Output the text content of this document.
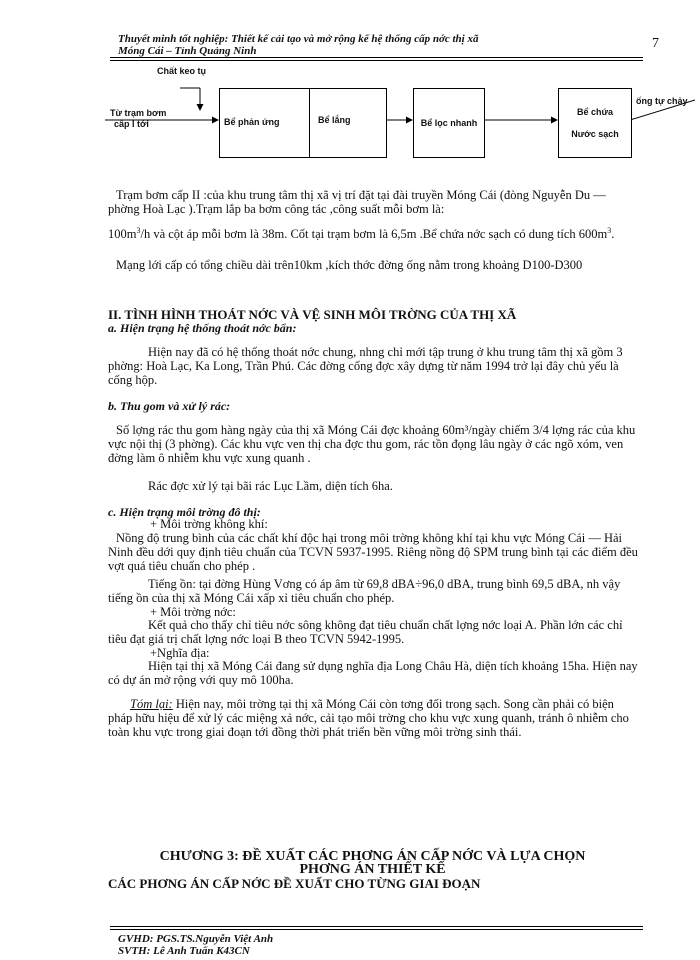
Thuyết minh tốt nghiệp: Thiết kế cải tạo và mở rộng kế hệ thống cấp nớc thị xã
Móng Cái – Tỉnh Quảng Ninh	7
Chất keo tụ
Từ trạm bơm
cấp I tới	Bể phản ứng	Bể lắng	Bể lọc nhanh
Bể chứa
Nước sạch
ống tự chảy
Trạm bơm cấp II :của khu trung tâm thị xã vị trí đặt tại đài truyền Móng Cái (đòng Nguyễn Du — phờng Hoà Lạc ).Trạm lắp ba bơm công tác ,công suất mỗi bơm là:
$100m^3/h$ và cột áp mỗi bơm là 38m. Cốt tại trạm bơm là 6,5m .Bể chứa nớc sạch có dung tích $600m^3$.
Mạng lới cấp có tổng chiều dài trên10km ,kích thớc đờng ống nằm trong khoảng D100-D300
II. TÌNH HÌNH THOÁT NỚC VÀ VỆ SINH MÔI TRỜNG CỦA THỊ XÃ
a. Hiện trạng hệ thống thoát nớc bẩn:
Hiện nay đã có hệ thống thoát nớc chung, nhng chỉ mới tập trung ở khu trung tâm thị xã gồm 3 phờng: Hoà Lạc, Ka Long, Trần Phú. Các đờng cống đợc xây dựng từ năm 1994 trở lại đây chủ yếu là cống hộp.
b. Thu gom và xử lý rác:
Số lợng rác thu gom hàng ngày của thị xã Móng Cái đợc khoảng 60m³/ngày chiếm 3/4 lợng rác của khu vực nội thị (3 phờng). Các khu vực ven thị cha đợc thu gom, rác tồn đọng lâu ngày ở các ngõ xóm, ven đờng làm ô nhiễm khu vực xung quanh .
Rác đợc xử lý tại bãi rác Lục Lầm, diện tích 6ha.
c. Hiện trạng môi trờng đô thị:
+ Môi trờng không khí:
Nồng độ trung bình của các chất khí độc hại trong môi trờng không khí tại khu vực Móng Cái — Hải Ninh đều dới quy định tiêu chuẩn của TCVN 5937-1995. Riêng nồng độ SPM trung bình tại các điểm đều vợt quá tiêu chuẩn cho phép .
Tiếng ồn: tại đờng Hùng Vơng có áp âm từ 69,8 dBA÷96,0 dBA, trung bình 69,5 dBA, nh vậy tiếng ồn của thị xã Móng Cái xấp xỉ tiêu chuẩn cho phép.
+ Môi trờng nớc:
Kết quả cho thấy chỉ tiêu nớc sông không đạt tiêu chuẩn chất lợng nớc loại A. Phần lớn các chỉ tiêu đạt giá trị chất lợng nớc loại B theo TCVN 5942-1995.
+Nghĩa địa:
Hiện tại thị xã Móng Cái đang sử dụng nghĩa địa Long Châu Hà, diện tích khoảng 15ha. Hiện nay có dự án mở rộng với quy mô 100ha.
Tóm lại: Hiện nay, môi trờng tại thị xã Móng Cái còn tơng đối trong sạch. Song cần phải có biện pháp hữu hiệu để xử lý các miệng xả nớc, cải tạo môi trờng cho khu vực xung quanh, tránh ô nhiễm cho toàn khu vực trong giai đoạn tới đồng thời phát triển bền vững môi trờng sinh thái.
CHƯƠNG 3: ĐỀ XUẤT CÁC PHƠNG ÁN CẤP NỚC VÀ LỰA CHỌN
PHƠNG ÁN THIẾT KẾ
CÁC PHƠNG ÁN CẤP NỚC ĐỀ XUẤT CHO TỪNG GIAI ĐOẠN
GVHD: PGS.TS.Nguyễn Việt Anh
SVTH: Lê Anh Tuấn K43CN
